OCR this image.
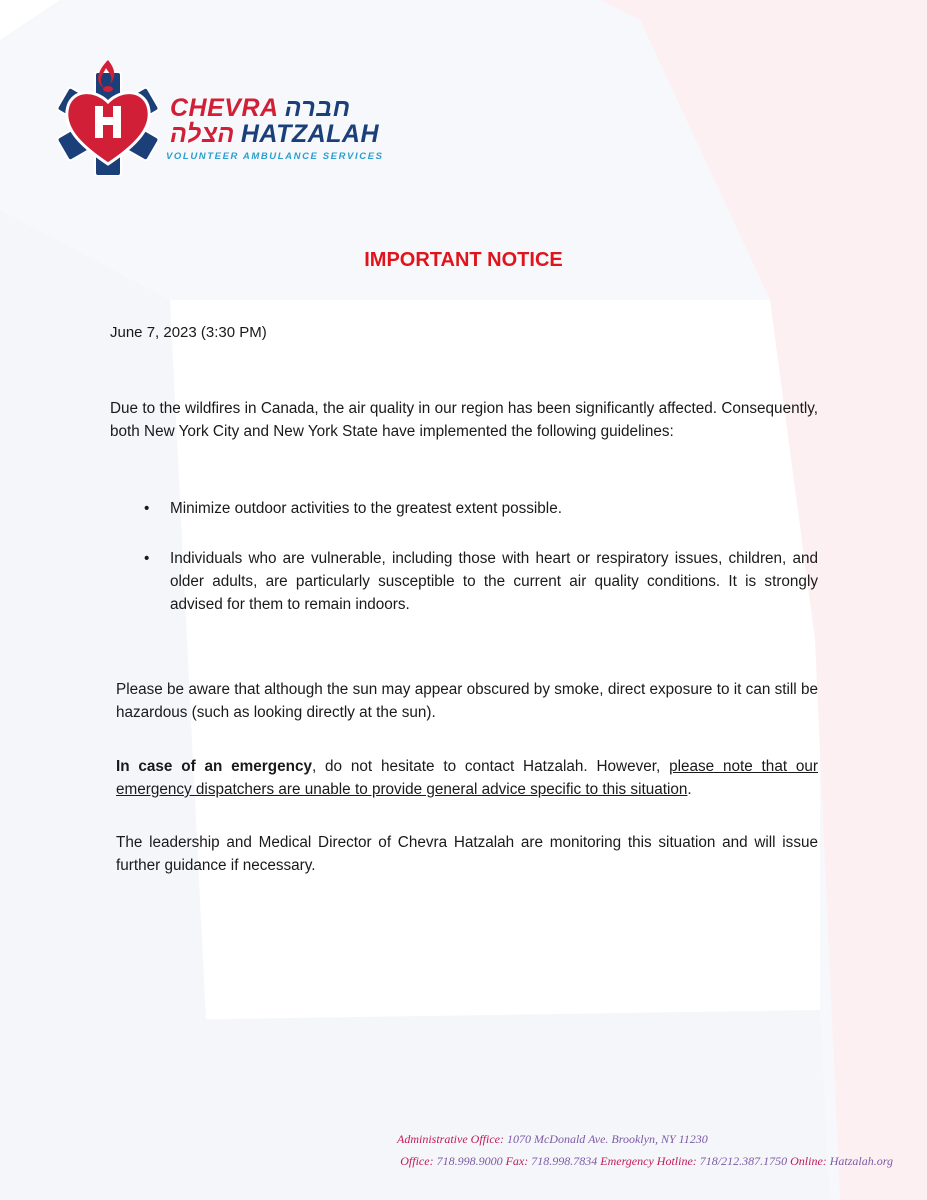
CHEVRA חברה
הצלה HATZALAH
VOLUNTEER AMBULANCE SERVICES
IMPORTANT NOTICE
June 7, 2023 (3:30 PM)

Due to the wildfires in Canada, the air quality in our region has been significantly affected. Consequently, both New York City and New York State have implemented the following guidelines:

• Minimize outdoor activities to the greatest extent possible.
• Individuals who are vulnerable, including those with heart or respiratory issues, children, and older adults, are particularly susceptible to the current air quality conditions. It is strongly advised for them to remain indoors.

Please be aware that although the sun may appear obscured by smoke, direct exposure to it can still be hazardous (such as looking directly at the sun).

In case of an emergency, do not hesitate to contact Hatzalah. However, please note that our emergency dispatchers are unable to provide general advice specific to this situation.

The leadership and Medical Director of Chevra Hatzalah are monitoring this situation and will issue further guidance if necessary.

Administrative Office: 1070 McDonald Ave. Brooklyn, NY 11230
Office: 718.998.9000 Fax: 718.998.7834 Emergency Hotline: 718/212.387.1750 Online: Hatzalah.org
